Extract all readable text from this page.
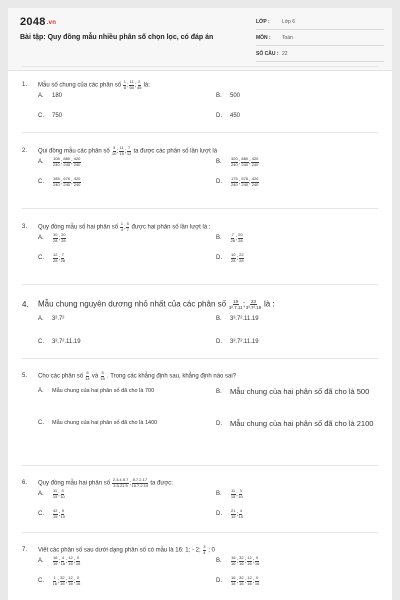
2048.vn
Bài tập: Quy đồng mẫu nhiều phân số chọn lọc, có đáp án
LỚP :	Lớp 6
MÔN :	Toán
SỐ CÂU : 22
1.	Mẫu số chung của các phân số $\frac{1}{8}$ ; $\frac{11}{60}$ ; $\frac{2}{45}$ là:
A.	180	B.	500
C.	750	D.	450
2.	Qui đồng mẫu các phân số $\frac{3}{10}$ ; $\frac{11}{15}$ ; $\frac{7}{12}$ ta được các phân số lần lượt là
A.	$\frac{108}{240}$ ; $\frac{880}{240}$ ; $\frac{420}{240}$	B.	$\frac{320}{240}$ ; $\frac{880}{240}$ ; $\frac{420}{240}$
C.	$\frac{185}{240}$ ; $\frac{676}{240}$ ; $\frac{420}{240}$	D.	$\frac{175}{240}$ ; $\frac{676}{240}$ ; $\frac{420}{240}$
3.	Quy đồng mẫu số hai phân số $\frac{1}{4}$ ; $\frac{5}{7}$ được hai phân số lần lượt là :
A.	$\frac{10}{28}$ ; $\frac{20}{28}$	B.	$\frac{7}{28}$ ; $\frac{20}{28}$
C.	$\frac{12}{28}$ ; $\frac{7}{28}$	D.	$\frac{10}{28}$ ; $\frac{22}{28}$
4.	Mẫu chung nguyên dương nhỏ nhất của các phân số $\frac{19}{\text{3².7.11}}$ ; $\frac{23}{\text{3³.7².19}}$ là :
A.	3².7²	B.	3³.7².11.19
C.	3².7².11.19	D.	3³.7².11.19
5.	Cho các phân số $\frac{5}{14}$ và $\frac{5}{15}$ . Trong các khẳng định sau, khẳng định nào sai?
A.	Mẫu chung của hai phân số đã cho là 700	B.	Mẫu chung của hai phân số đã cho là 500
C.	Mẫu chung của hai phân số đã cho là 1400	D.	Mẫu chung của hai phân số đã cho là 2100
6.	Quy đồng mẫu hai phân số $\frac{2.3.4.5.7}{3.5.21.5}$ ; $\frac{8.7.2.17}{15.7.2.19}$ ta được:
A.	$\frac{11}{15}$ ; $\frac{3}{10}$	B.	$\frac{11}{15}$ ; $\frac{3}{10}$
C.	$\frac{42}{15}$ ; $\frac{9}{10}$	D.	$\frac{21}{15}$ ; $\frac{4}{10}$
7.	Viết các phân số sau dưới dạng phân số có mẫu là 16: 1; - 2; $\frac{3}{4}$ ; 0
A.	$\frac{16}{16}$ ; $\frac{4}{16}$ ; $\frac{12}{16}$ ; $\frac{0}{16}$	B.	$\frac{16}{16}$ ; $\frac{32}{16}$ ; $\frac{12}{16}$ ; $\frac{0}{16}$
C.	$\frac{1}{16}$ ; $\frac{32}{16}$ ; $\frac{12}{16}$ ; $\frac{0}{16}$	D.	$\frac{16}{16}$ ; $\frac{32}{16}$ ; $\frac{12}{16}$ ; $\frac{0}{16}$
